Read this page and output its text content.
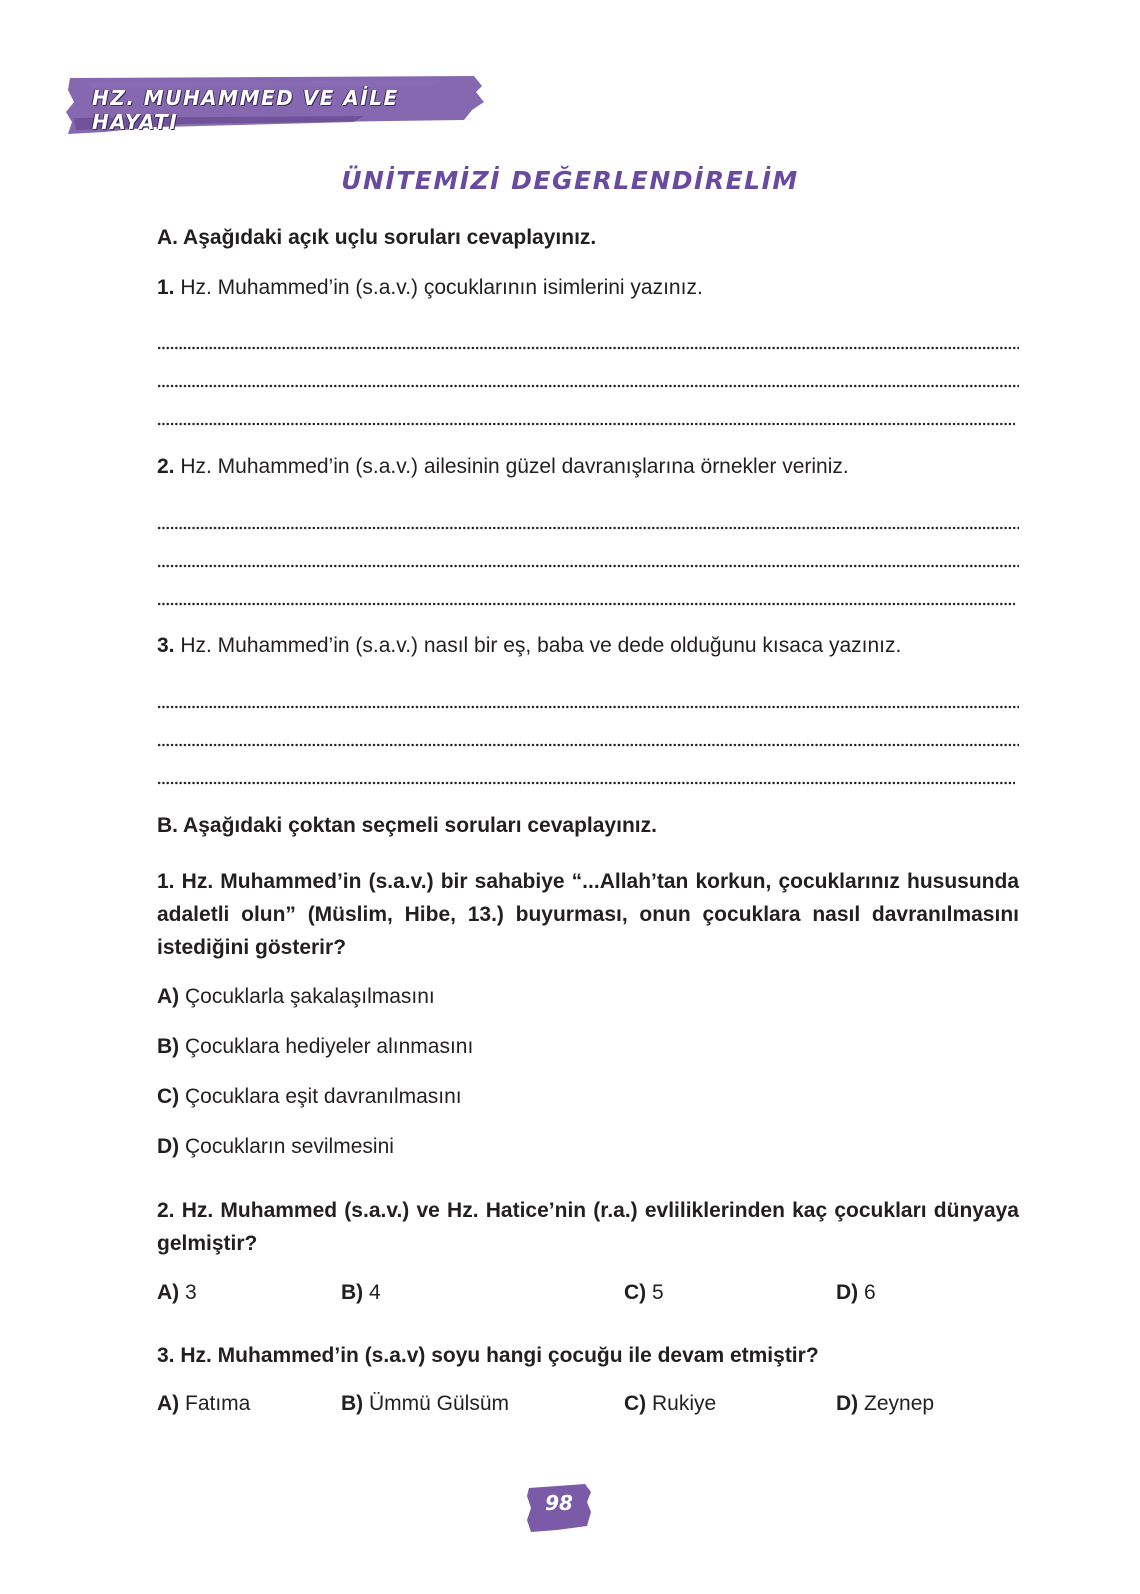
HZ. MUHAMMED VE AİLE HAYATI
ÜNİTEMİZİ DEĞERLENDİRELİM
A. Aşağıdaki açık uçlu soruları cevaplayınız.
1. Hz. Muhammed’in (s.a.v.) çocuklarının isimlerini yazınız.
2. Hz. Muhammed’in (s.a.v.) ailesinin güzel davranışlarına örnekler veriniz.
3. Hz. Muhammed’in (s.a.v.) nasıl bir eş, baba ve dede olduğunu kısaca yazınız.
B. Aşağıdaki çoktan seçmeli soruları cevaplayınız.
1. Hz. Muhammed’in (s.a.v.) bir sahabiye “...Allah’tan korkun, çocuklarınız hususunda adaletli olun” (Müslim, Hibe, 13.) buyurması, onun çocuklara nasıl davranılmasını istediğini gösterir?
A) Çocuklarla şakalaşılmasını
B) Çocuklara hediyeler alınmasını
C) Çocuklara eşit davranılmasını
D) Çocukların sevilmesini
2. Hz. Muhammed (s.a.v.) ve Hz. Hatice’nin (r.a.) evliliklerinden kaç çocukları dünyaya gelmiştir?
A) 3	B) 4	C) 5	D) 6
3. Hz. Muhammed’in (s.a.v) soyu hangi çocuğu ile devam etmiştir?
A) Fatıma	B) Ümmü Gülsüm	C) Rukiye	D) Zeynep
98
